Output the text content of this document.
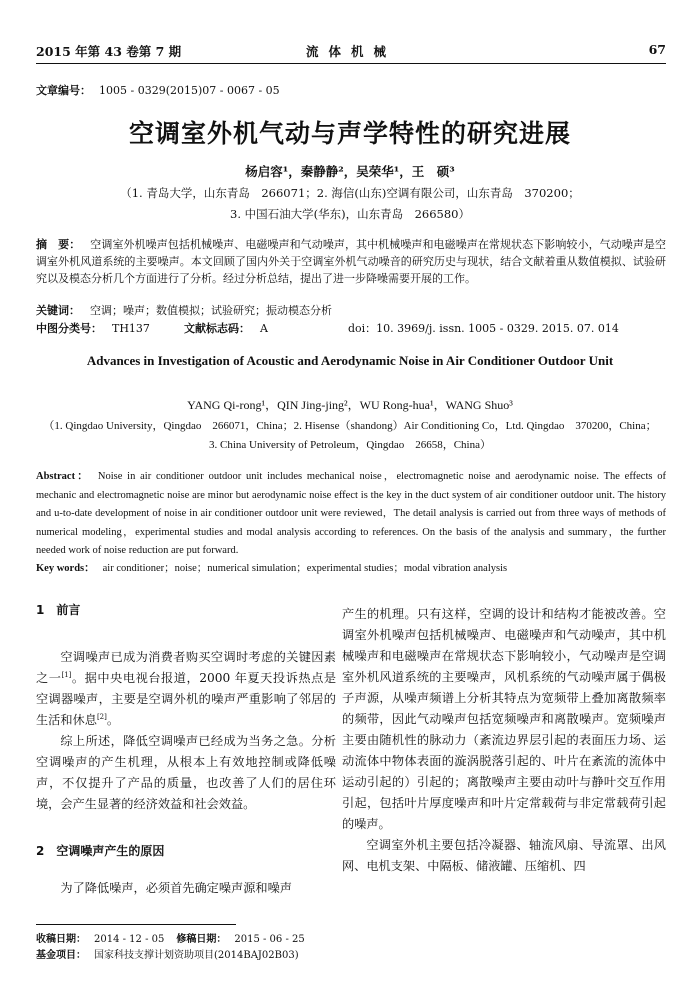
2015 年第 43 卷第 7 期	流体机械	67
文章编号： 1005 - 0329(2015)07 - 0067 - 05
空调室外机气动与声学特性的研究进展
杨启容¹，秦静静²，吴荣华¹，王　硕³
（1. 青岛大学，山东青岛　266071；2. 海信(山东)空调有限公司，山东青岛　370200；
3. 中国石油大学(华东)，山东青岛　266580）
摘　要： 空调室外机噪声包括机械噪声、电磁噪声和气动噪声，其中机械噪声和电磁噪声在常规状态下影响较小，气动噪声是空调室外机风道系统的主要噪声。本文回顾了国内外关于空调室外机气动噪音的研究历史与现状，结合文献着重从数值模拟、试验研究以及模态分析几个方面进行了分析。经过分析总结，提出了进一步降噪需要开展的工作。
关键词： 空调；噪声；数值模拟；试验研究；振动模态分析
中图分类号： TH137	文献标志码： A	doi：10. 3969/j. issn. 1005 - 0329. 2015. 07. 014
Advances in Investigation of Acoustic and Aerodynamic Noise in Air Conditioner Outdoor Unit
YANG Qi-rong¹，QIN Jing-jing²，WU Rong-hua¹，WANG Shuo³
（1. Qingdao University，Qingdao　266071，China；2. Hisense（shandong）Air Conditioning Co，Ltd. Qingdao　370200，China；
3. China University of Petroleum，Qingdao　26658，China）
Abstract： Noise in air conditioner outdoor unit includes mechanical noise，electromagnetic noise and aerodynamic noise. The effects of mechanic and electromagnetic noise are minor but aerodynamic noise effect is the key in the duct system of air conditioner outdoor unit. The history and u-to-date development of noise in air conditioner outdoor unit were reviewed，The detail analysis is carried out from three ways of methods of numerical modeling，experimental studies and modal analysis according to references. On the basis of the analysis and summary，the further needed work of noise reduction are put forward.
Key words： air conditioner；noise；numerical simulation；experimental studies；modal vibration analysis
1　前言

空调噪声已成为消费者购买空调时考虑的关键因素之一[1]。据中央电视台报道，2000 年夏天投诉热点是空调器噪声，主要是空调外机的噪声严重影响了邻居的生活和休息[2]。

综上所述，降低空调噪声已经成为当务之急。分析空调噪声的产生机理，从根本上有效地控制或降低噪声，不仅提升了产品的质量，也改善了人们的居住环境，会产生显著的经济效益和社会效益。

2　空调噪声产生的原因

为了降低噪声，必须首先确定噪声源和噪声

产生的机理。只有这样，空调的设计和结构才能被改善。空调室外机噪声包括机械噪声、电磁噪声和气动噪声，其中机械噪声和电磁噪声在常规状态下影响较小，气动噪声是空调室外机风道系统的主要噪声，风机系统的气动噪声属于偶极子声源，从噪声频谱上分析其特点为宽频带上叠加离散频率的频带，因此气动噪声包括宽频噪声和离散噪声。宽频噪声主要由随机性的脉动力（紊流边界层引起的表面压力场、运动流体中物体表面的漩涡脱落引起的、叶片在紊流的流体中运动引起的）引起的；离散噪声主要由动叶与静叶交互作用引起，包括叶片厚度噪声和叶片定常载荷与非定常载荷引起的噪声。

空调室外机主要包括冷凝器、轴流风扇、导流罩、出风网、电机支架、中隔板、储液罐、压缩机、四

收稿日期： 2014 - 12 - 05 修稿日期： 2015 - 06 - 25
基金项目： 国家科技支撑计划资助项目(2014BAJ02B03)
